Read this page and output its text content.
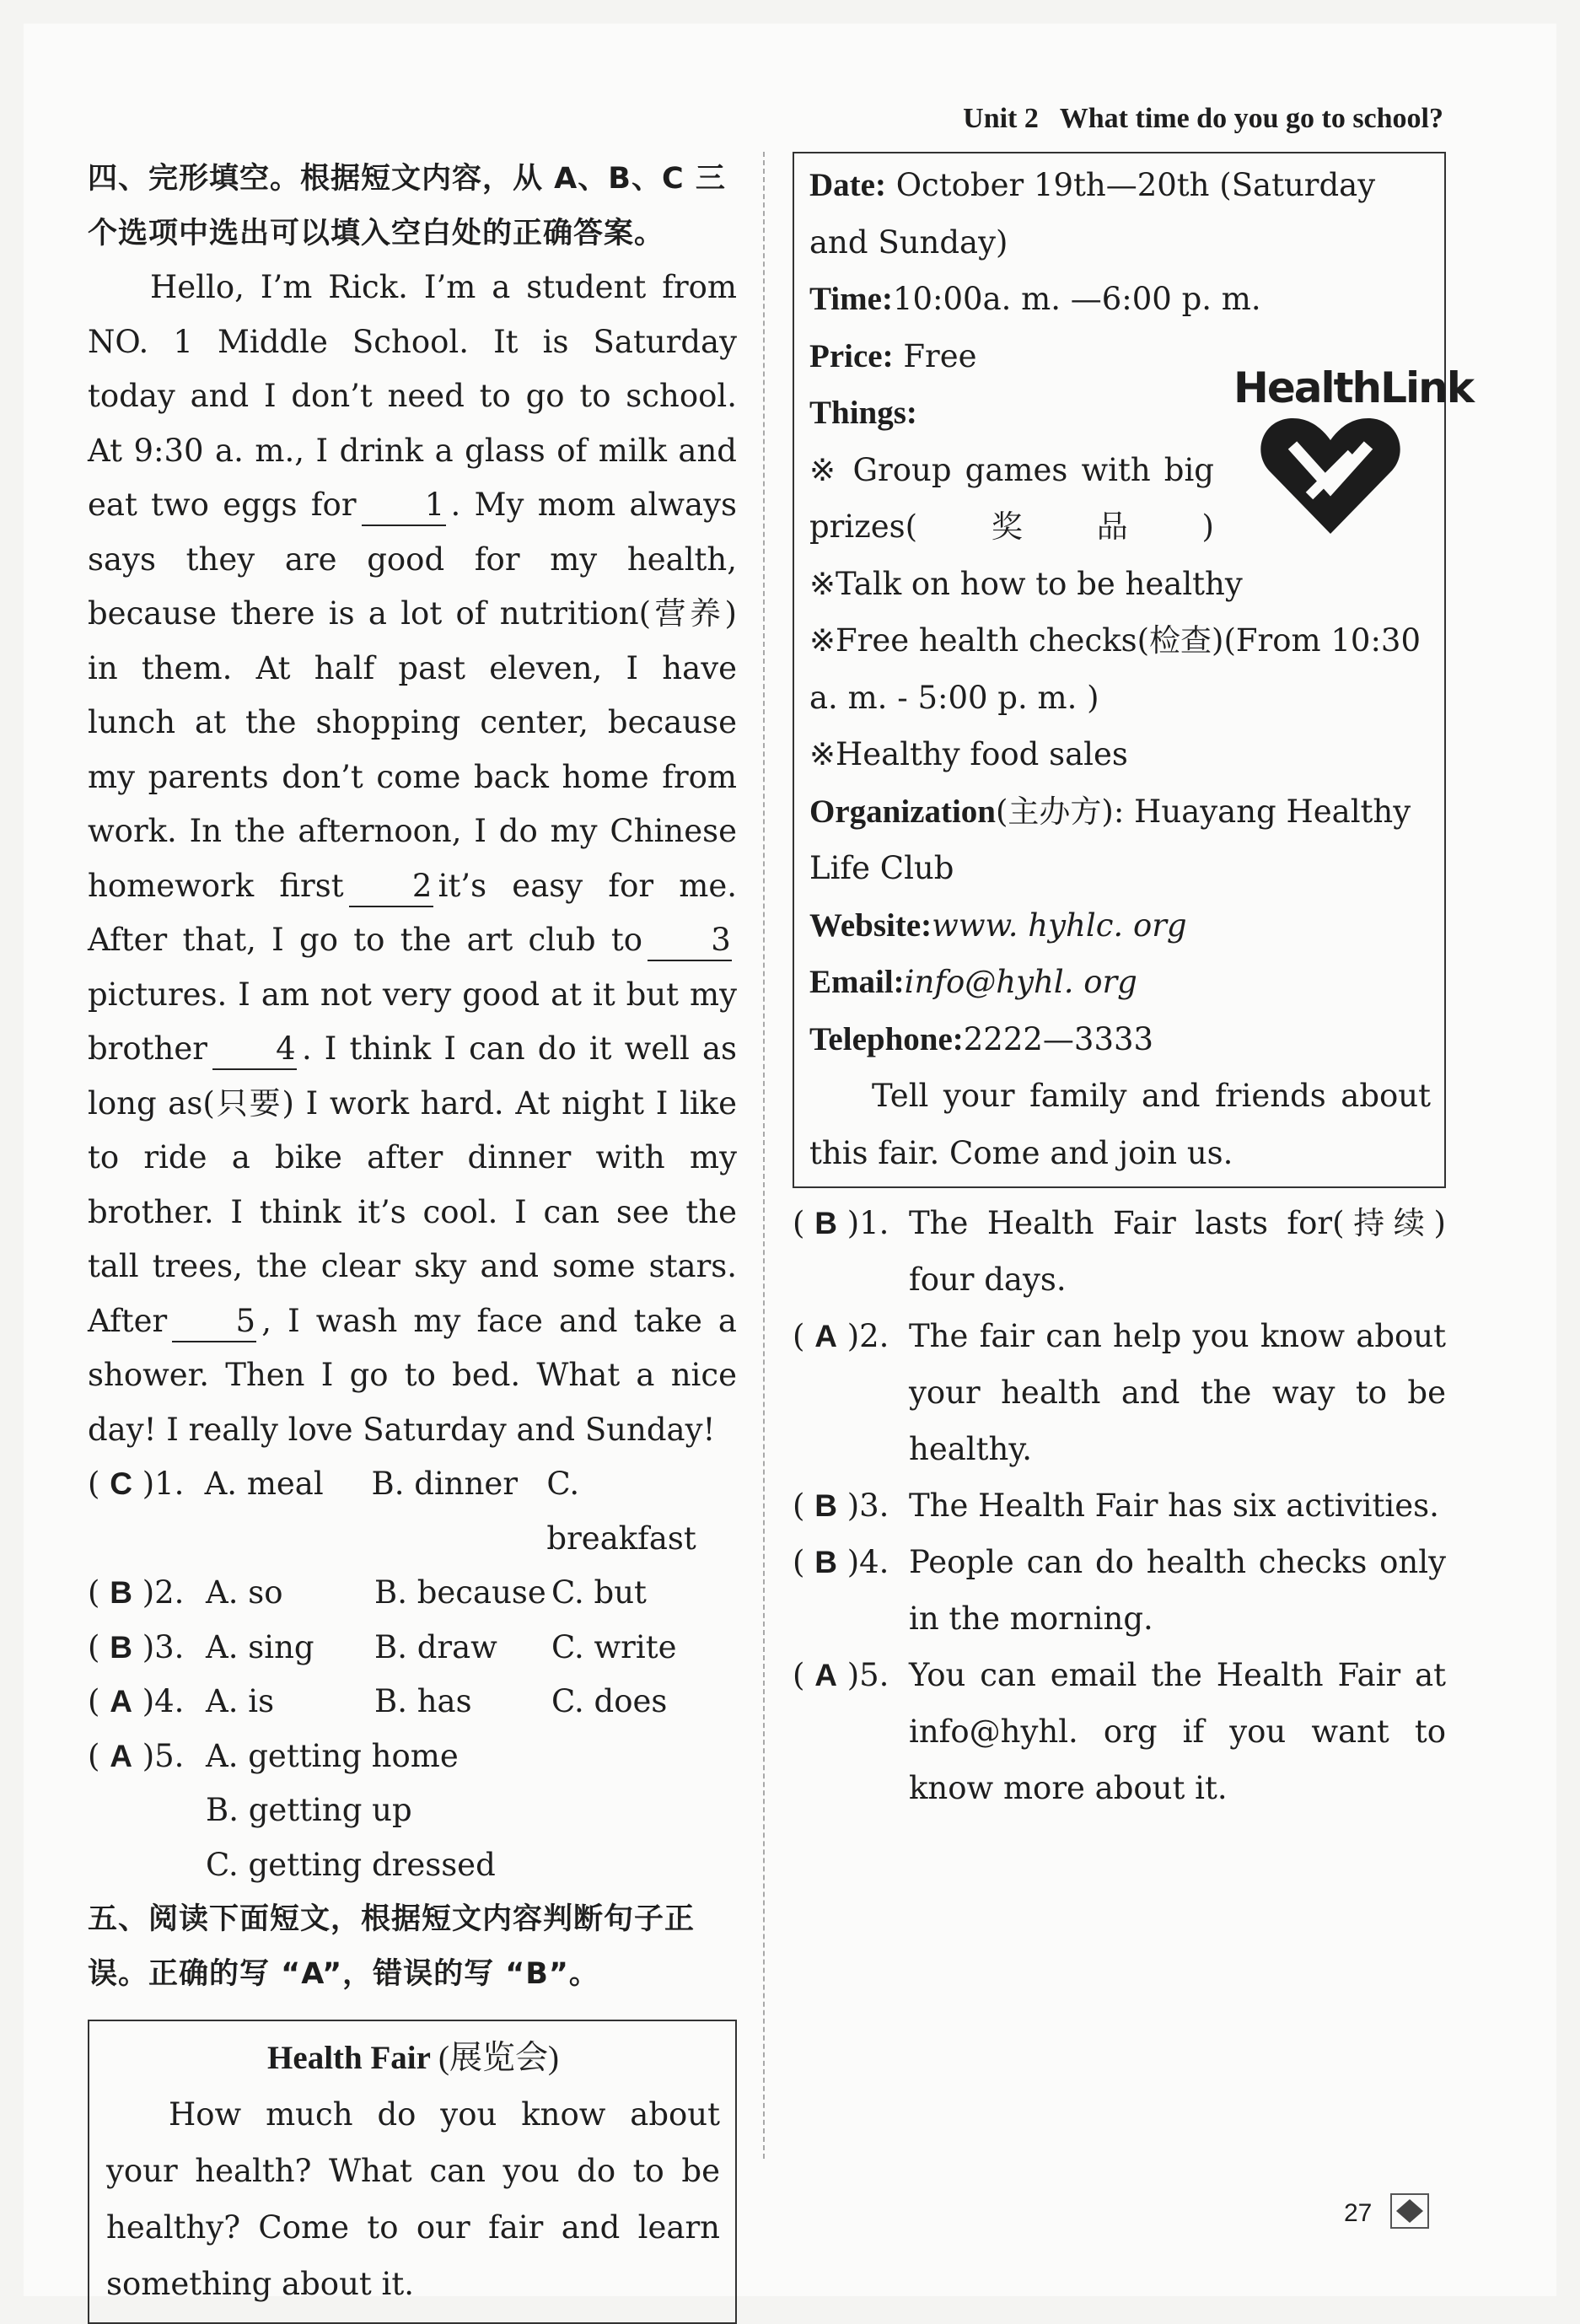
Unit 2 What time do you go to school?
四、完形填空。根据短文内容，从 A、B、C 三个选项中选出可以填入空白处的正确答案。

Hello, I’m Rick. I’m a student from NO. 1 Middle School. It is Saturday today and I don’t need to go to school. At 9:30 a. m., I drink a glass of milk and eat two eggs for 1 . My mom always says they are good for my health, because there is a lot of nutrition(营养) in them. At half past eleven, I have lunch at the shopping center, because my parents don’t come back home from work. In the afternoon, I do my Chinese homework first 2 it’s easy for me. After that, I go to the art club to 3pictures. I am not very good at it but my brother 4 . I think I can do it well as long as(只要) I work hard. At night I like to ride a bike after dinner with my brother. I think it’s cool. I can see the tall trees, the clear sky and some stars. After 5 , I wash my face and take a shower. Then I go to bed. What a nice day! I really love Saturday and Sunday!

( C )1. A. meal	B. dinner C. breakfast
( B )2. A. so	B. because C. but
( B )3. A. sing	B. draw	C. write
( A )4. A. is	B. has	C. does
( A )5. A. getting home
B. getting up
C. getting dressed
五、阅读下面短文，根据短文内容判断句子正误。正确的写 “A”，错误的写 “B”。
Health Fair (展览会)

How much do you know about your health? What can you do to be healthy? Come to our fair and learn something about it.

Date: October 19th—20th (Saturday and Sunday)
Time:10:00a. m. —6:00 p. m.
Price: Free
Things:
※ Group games with big prizes(奖品)
※Talk on how to be healthy
※Free health checks(检查)(From 10:30 a. m. - 5:00 p. m. )
※Healthy food sales
Organization(主办方): Huayang Healthy Life Club
Website:www. hyhlc. org
Email:info@hyhl. org
Telephone:2222—3333

Tell your family and friends about this fair. Come and join us.

HealthLink
( B )1. The Health Fair lasts for(持续) four days.
( A )2. The fair can help you know about your health and the way to be healthy.
( B )3. The Health Fair has six activities.
( B )4. People can do health checks only in the morning.
( A )5. You can email the Health Fair at info@hyhl. org if you want to know more about it.
27
